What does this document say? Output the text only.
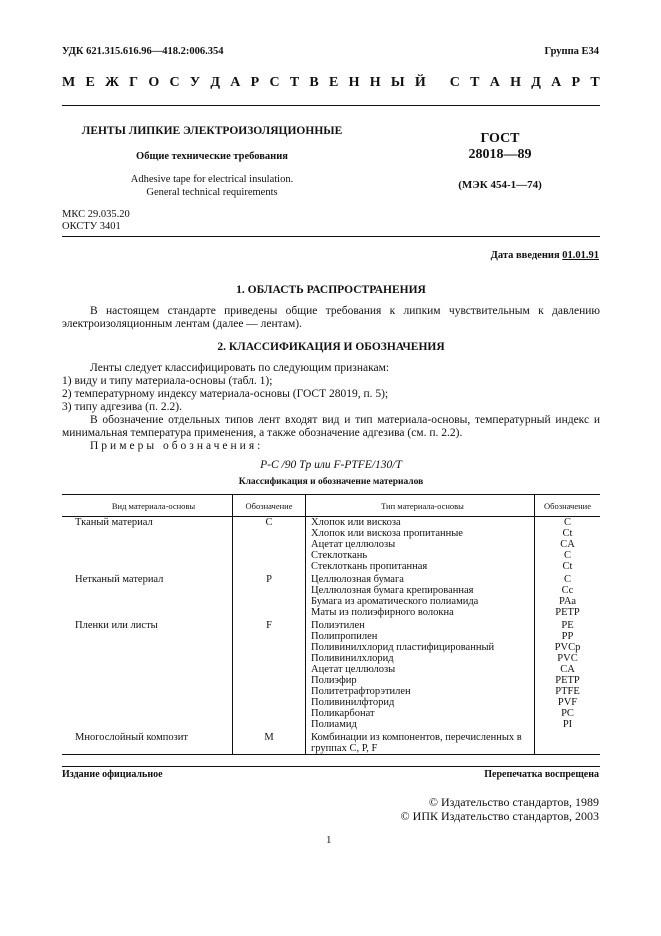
УДК 621.315.616.96—418.2:006.354	Группа Е34
М Е Ж Г О С У Д А Р С Т В Е Н Н Ы Й
С Т А Н Д А Р Т
ЛЕНТЫ ЛИПКИЕ ЭЛЕКТРОИЗОЛЯЦИОННЫЕ
Общие технические требования
Adhesive tape for electrical insulation.
General technical requirements
ГОСТ
28018—89
(МЭК 454-1—74)
МКС 29.035.20
ОКСТУ 3401
Дата введения 01.01.91
1. ОБЛАСТЬ РАСПРОСТРАНЕНИЯ

В настоящем стандарте приведены общие требования к липким чувствительным к давлению электроизоляционным лентам (далее — лентам).

2. КЛАССИФИКАЦИЯ И ОБОЗНАЧЕНИЯ

Ленты следует классифицировать по следующим признакам:

1) виду и типу материала-основы (табл. 1);

2) температурному индексу материала-основы (ГОСТ 28019, п. 5);

3) типу адгезива (п. 2.2).

В обозначение отдельных типов лент входят вид и тип материала-основы, температурный индекс и минимальная температура применения, а также обозначение адгезива (см. п. 2.2).

Примеры обозначения:

P-C /90 Tp или F-PTFE/130/T
Классификация и обозначение материалов
Вид материала-основы	Обозначение	Тип материала-основы	Обозначение
Тканый материал	C	Хлопок или вискоза	C
		Хлопок или вискоза пропитанные	Ct
		Ацетат целлюлозы	CA
		Стеклоткань	C
		Стеклоткань пропитанная	Ct

Нетканый материал	P	Целлюлозная бумага	C
		Целлюлозная бумага крепированная	Cc
		Бумага из ароматического полиамида	PAa
		Маты из полиэфирного волокна	PETP

Пленки или листы	F	Полиэтилен	PE
		Полипропилен	PP
		Поливинилхлорид пластифицированный	PVCp
		Поливинилхлорид	PVC
		Ацетат целлюлозы	CA
		Полиэфир	PETP
		Политетрафторэтилен	PTFE
		Поливинилфторид	PVF
		Поликарбонат	PC
		Полиамид	PI

Многослойный композит	M	Комбинации из компонентов, перечисленных в группах С, Р, F	
Издание официальное	Перепечатка воспрещена
© Издательство стандартов, 1989
© ИПК Издательство стандартов, 2003
1
